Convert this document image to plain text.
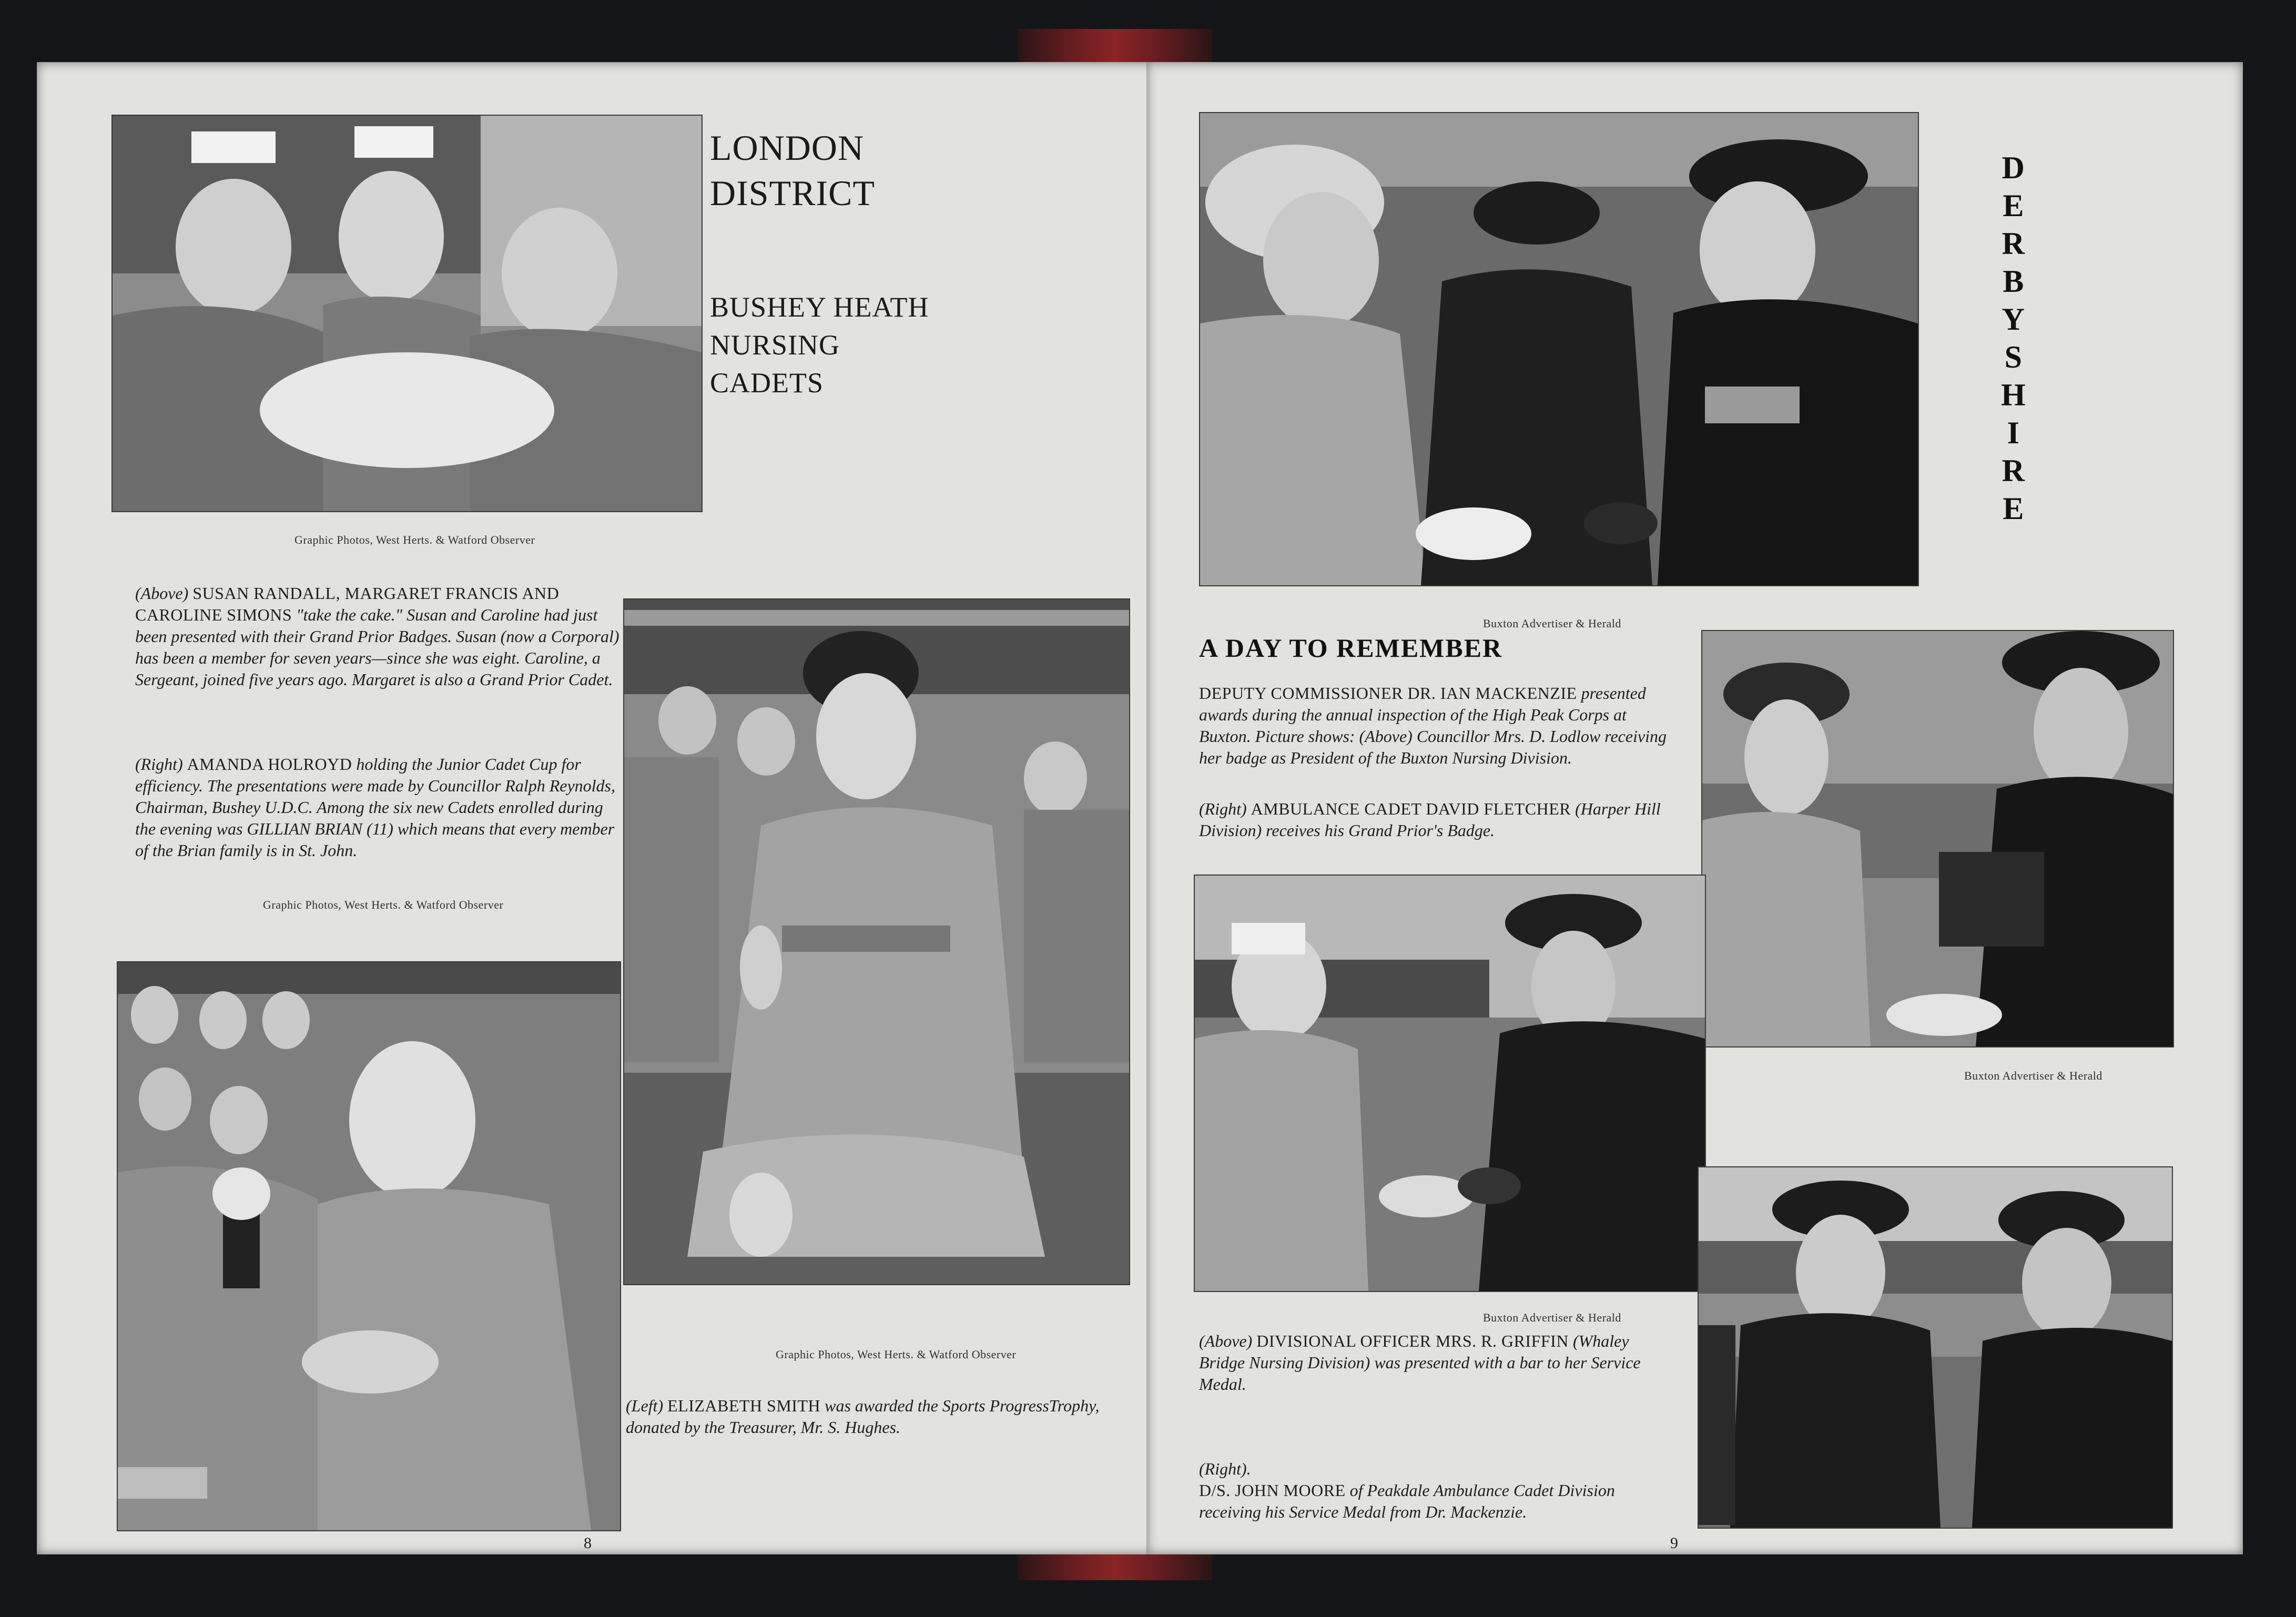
LONDON
DISTRICT
BUSHEY HEATH
NURSING
CADETS
Graphic Photos, West Herts. & Watford Observer
(Above) SUSAN RANDALL, MARGARET FRANCIS AND CAROLINE SIMONS "take the cake." Susan and Caroline had just been presented with their Grand Prior Badges. Susan (now a Corporal) has been a member for seven years—since she was eight. Caroline, a Sergeant, joined five years ago. Margaret is also a Grand Prior Cadet.
(Right) AMANDA HOLROYD holding the Junior Cadet Cup for efficiency. The presentations were made by Councillor Ralph Reynolds, Chairman, Bushey U.D.C. Among the six new Cadets enrolled during the evening was GILLIAN BRIAN (11) which means that every member of the Brian family is in St. John.
Graphic Photos, West Herts. & Watford Observer
Graphic Photos, West Herts. & Watford Observer
(Left) ELIZABETH SMITH was awarded the Sports ProgressTrophy, donated by the Treasurer, Mr. S. Hughes.
8
D
E
R
B
Y
S
H
I
R
E
Buxton Advertiser & Herald
A DAY TO REMEMBER
DEPUTY COMMISSIONER DR. IAN MACKENZIE presented awards during the annual inspection of the High Peak Corps at Buxton. Picture shows: (Above) Councillor Mrs. D. Lodlow receiving her badge as President of the Buxton Nursing Division.
(Right) AMBULANCE CADET DAVID FLETCHER (Harper Hill Division) receives his Grand Prior's Badge.
Buxton Advertiser & Herald
Buxton Advertiser & Herald
(Above) DIVISIONAL OFFICER MRS. R. GRIFFIN (Whaley Bridge Nursing Division) was presented with a bar to her Service Medal.
(Right).
D/S. JOHN MOORE of Peakdale Ambulance Cadet Division receiving his Service Medal from Dr. Mackenzie.
9
